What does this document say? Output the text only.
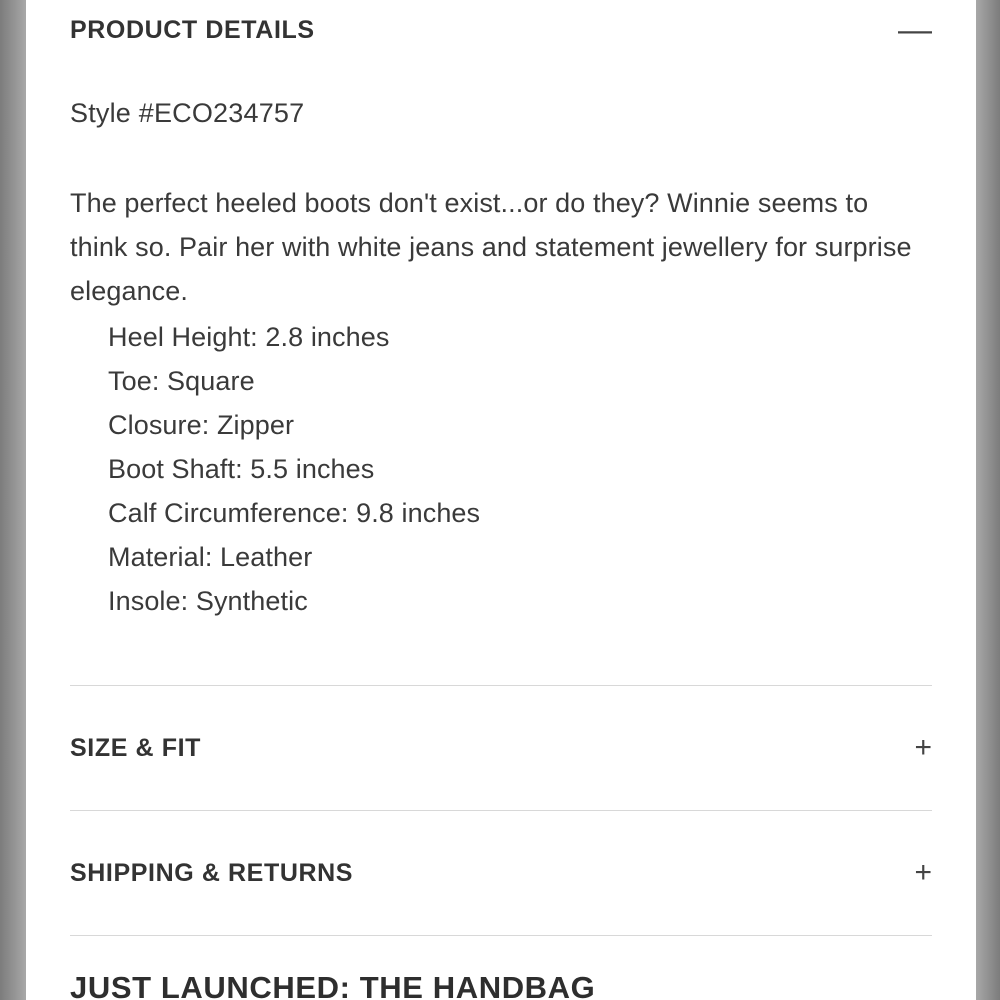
PRODUCT DETAILS	—
Style #ECO234757
The perfect heeled boots don't exist...or do they? Winnie seems to think so. Pair her with white jeans and statement jewellery for surprise elegance.
Heel Height: 2.8 inches
Toe: Square
Closure: Zipper
Boot Shaft: 5.5 inches
Calf Circumference: 9.8 inches
Material: Leather
Insole: Synthetic
SIZE & FIT	+
SHIPPING & RETURNS	+
JUST LAUNCHED: THE HANDBAG
